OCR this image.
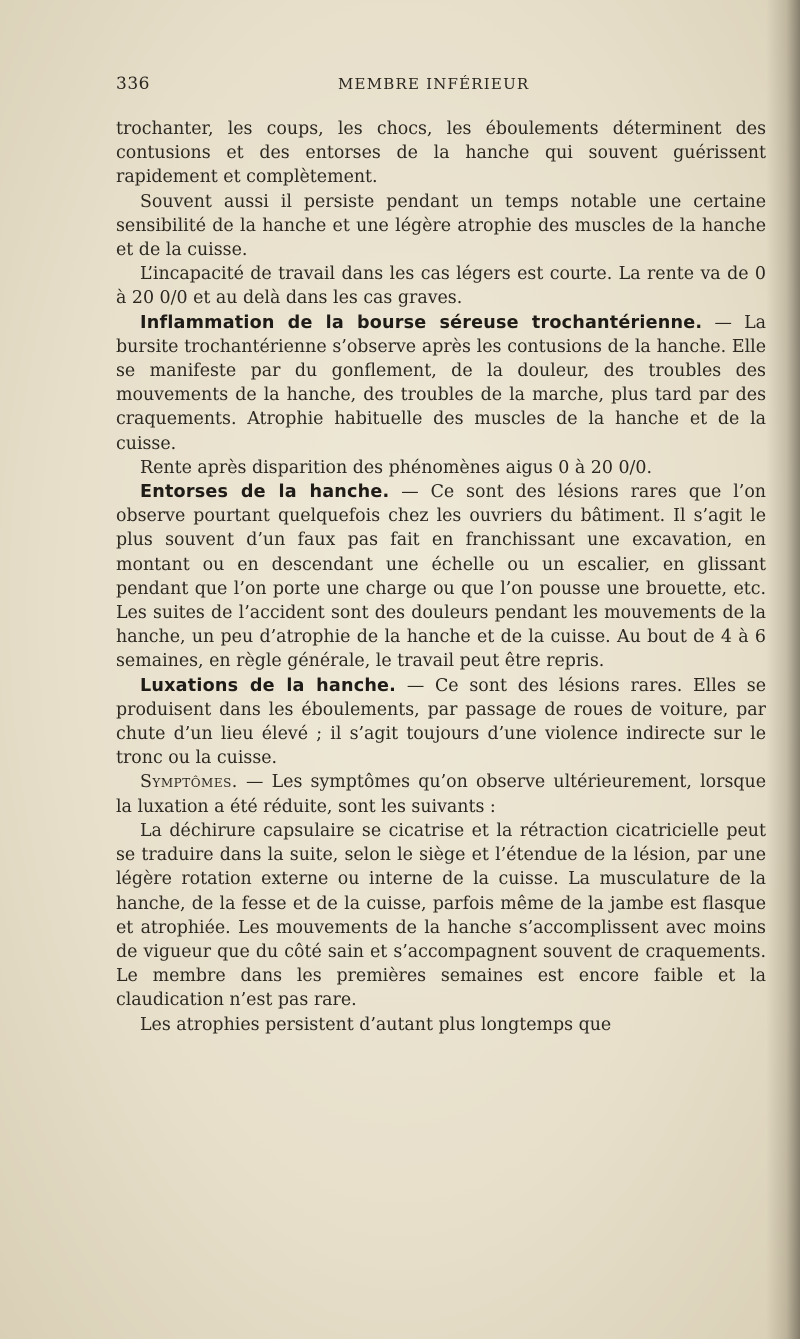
336	MEMBRE INFÉRIEUR

trochanter, les coups, les chocs, les éboulements déterminent des contusions et des entorses de la hanche qui souvent guérissent rapidement et complètement.

Souvent aussi il persiste pendant un temps notable une certaine sensibilité de la hanche et une légère atrophie des muscles de la hanche et de la cuisse.

L’incapacité de travail dans les cas légers est courte. La rente va de 0 à 20 0/0 et au delà dans les cas graves.

Inflammation de la bourse séreuse trochantérienne. — La bursite trochantérienne s’observe après les contusions de la hanche. Elle se manifeste par du gonflement, de la douleur, des troubles des mouvements de la hanche, des troubles de la marche, plus tard par des craquements. Atrophie habituelle des muscles de la hanche et de la cuisse.

Rente après disparition des phénomènes aigus 0 à 20 0/0.

Entorses de la hanche. — Ce sont des lésions rares que l’on observe pourtant quelquefois chez les ouvriers du bâtiment. Il s’agit le plus souvent d’un faux pas fait en franchissant une excavation, en montant ou en descendant une échelle ou un escalier, en glissant pendant que l’on porte une charge ou que l’on pousse une brouette, etc. Les suites de l’accident sont des douleurs pendant les mouvements de la hanche, un peu d’atrophie de la hanche et de la cuisse. Au bout de 4 à 6 semaines, en règle générale, le travail peut être repris.

Luxations de la hanche. — Ce sont des lésions rares. Elles se produisent dans les éboulements, par passage de roues de voiture, par chute d’un lieu élevé ; il s’agit toujours d’une violence indirecte sur le tronc ou la cuisse.

Symptômes. — Les symptômes qu’on observe ultérieurement, lorsque la luxation a été réduite, sont les suivants :

La déchirure capsulaire se cicatrise et la rétraction cicatricielle peut se traduire dans la suite, selon le siège et l’étendue de la lésion, par une légère rotation externe ou interne de la cuisse. La musculature de la hanche, de la fesse et de la cuisse, parfois même de la jambe est flasque et atrophiée. Les mouvements de la hanche s’accomplissent avec moins de vigueur que du côté sain et s’accompagnent souvent de craquements. Le membre dans les premières semaines est encore faible et la claudication n’est pas rare.

Les atrophies persistent d’autant plus longtemps que
